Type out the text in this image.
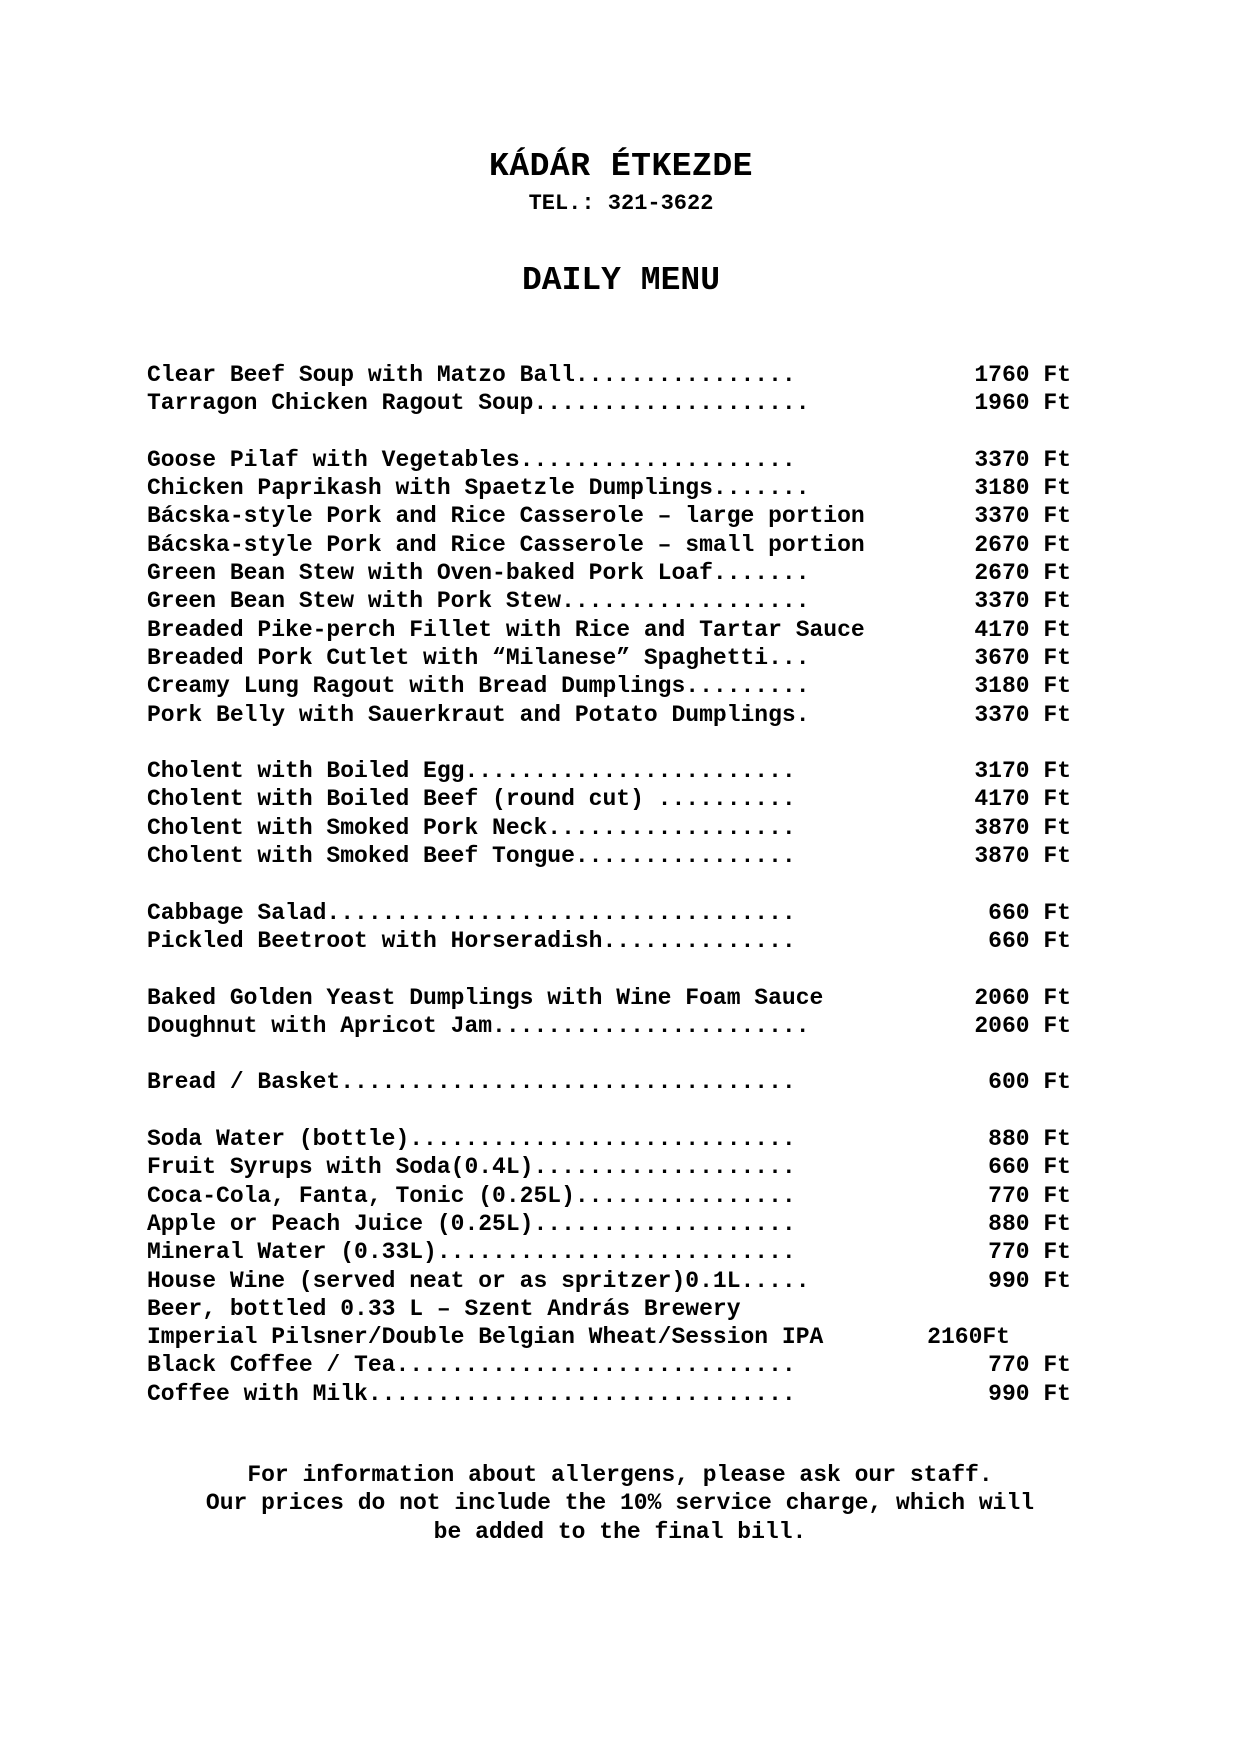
KÁDÁR ÉTKEZDE
TEL.: 321-3622
DAILY MENU
Clear Beef Soup with Matzo Ball................	1760 Ft
Tarragon Chicken Ragout Soup....................	1960 Ft
Goose Pilaf with Vegetables....................	3370 Ft
Chicken Paprikash with Spaetzle Dumplings.......	3180 Ft
Bácska-style Pork and Rice Casserole – large portion	3370 Ft
Bácska-style Pork and Rice Casserole – small portion	2670 Ft
Green Bean Stew with Oven-baked Pork Loaf.......	2670 Ft
Green Bean Stew with Pork Stew..................	3370 Ft
Breaded Pike-perch Fillet with Rice and Tartar Sauce	4170 Ft
Breaded Pork Cutlet with “Milanese” Spaghetti...	3670 Ft
Creamy Lung Ragout with Bread Dumplings.........	3180 Ft
Pork Belly with Sauerkraut and Potato Dumplings.	3370 Ft
Cholent with Boiled Egg........................	3170 Ft
Cholent with Boiled Beef (round cut) ..........	4170 Ft
Cholent with Smoked Pork Neck..................	3870 Ft
Cholent with Smoked Beef Tongue................	3870 Ft
Cabbage Salad..................................	660 Ft
Pickled Beetroot with Horseradish..............	660 Ft
Baked Golden Yeast Dumplings with Wine Foam Sauce	2060 Ft
Doughnut with Apricot Jam.......................	2060 Ft
Bread / Basket.................................	600 Ft
Soda Water (bottle)............................	880 Ft
Fruit Syrups with Soda(0.4L)...................	660 Ft
Coca-Cola, Fanta, Tonic (0.25L)................	770 Ft
Apple or Peach Juice (0.25L)...................	880 Ft
Mineral Water (0.33L)..........................	770 Ft
House Wine (served neat or as spritzer)0.1L.....	990 Ft
Beer, bottled 0.33 L – Szent András Brewery
Imperial Pilsner/Double Belgian Wheat/Session IPA	2160Ft
Black Coffee / Tea.............................	770 Ft
Coffee with Milk...............................	990 Ft
For information about allergens, please ask our staff.
Our prices do not include the 10% service charge, which will
be added to the final bill.
